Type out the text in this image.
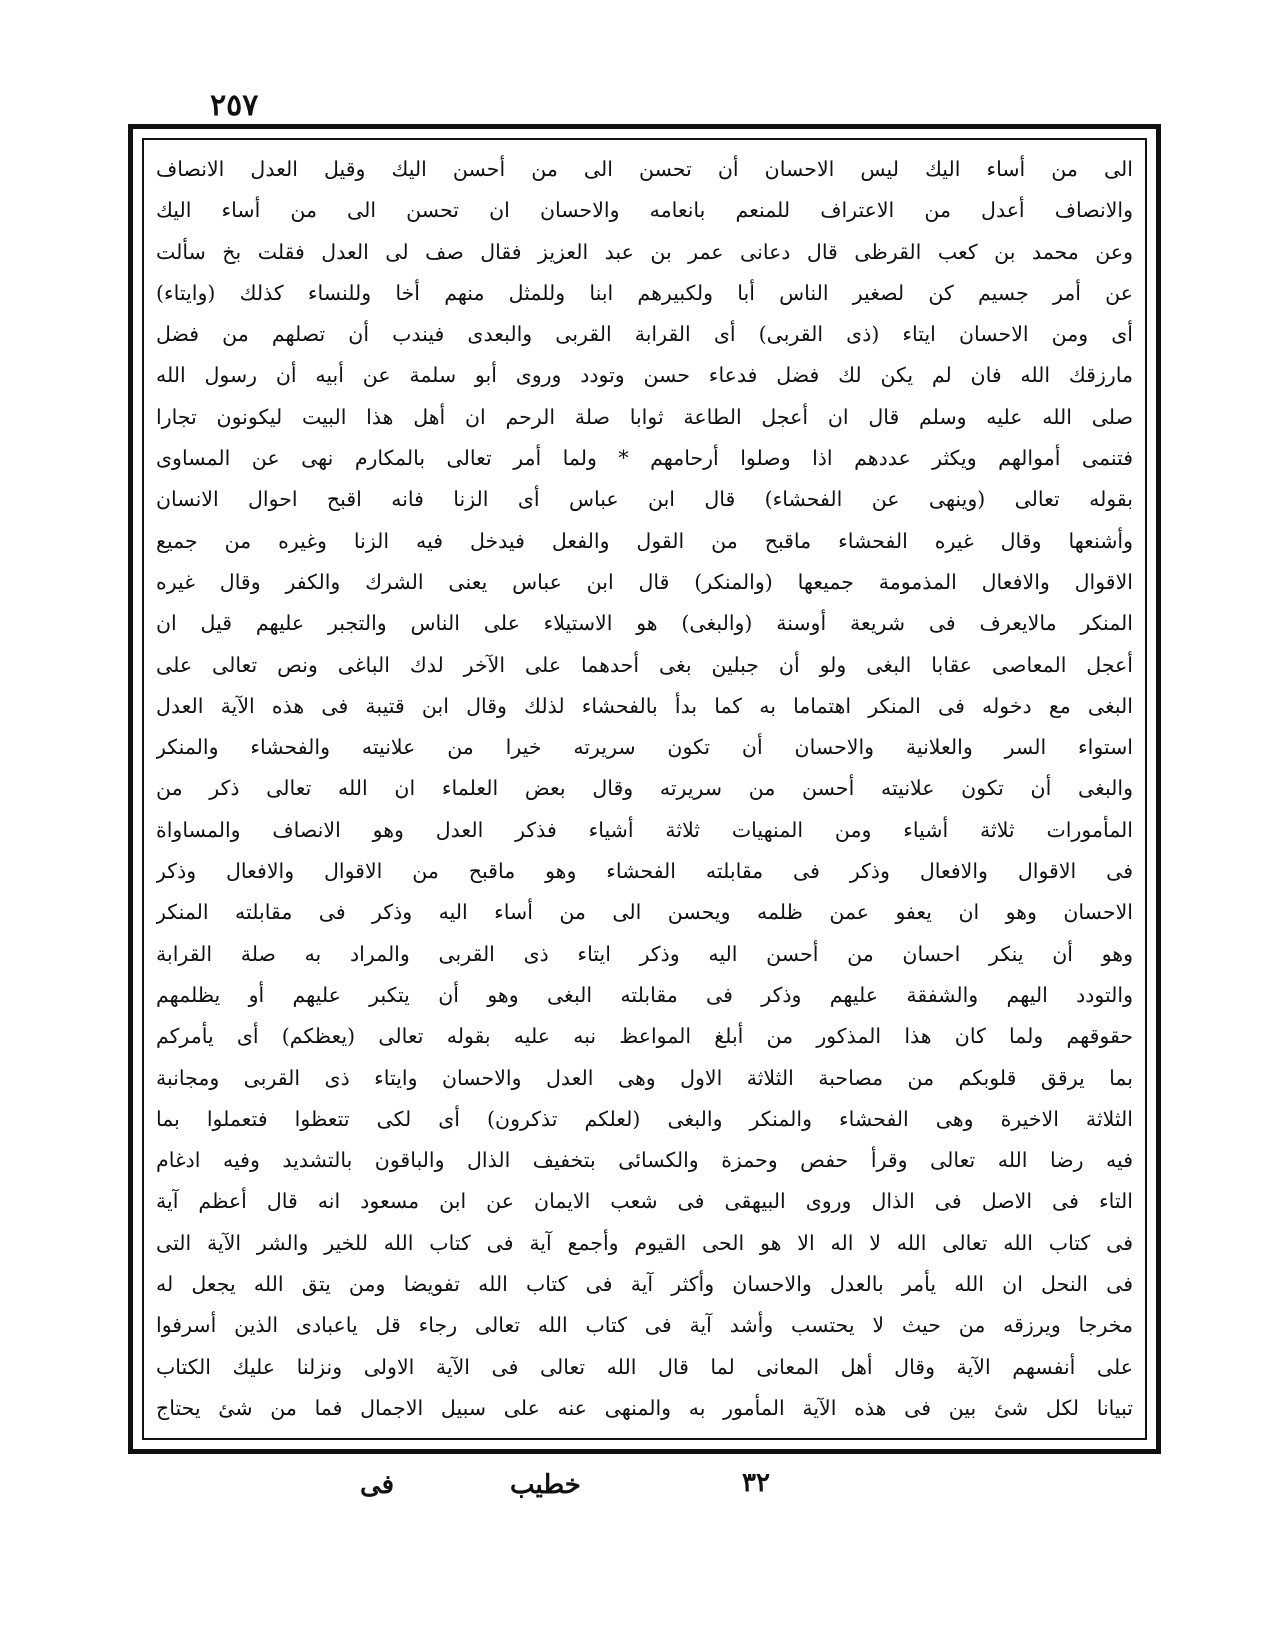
٢٥٧
الى من أساء اليك ليس الاحسان أن تحسن الى من أحسن اليك وقيل العدل الانصاف
والانصاف أعدل من الاعتراف للمنعم بانعامه والاحسان ان تحسن الى من أساء اليك
وعن محمد بن كعب القرظى قال دعانى عمر بن عبد العزيز فقال صف لى العدل فقلت بخ سألت
عن أمر جسيم كن لصغير الناس أبا ولكبيرهم ابنا وللمثل منهم أخا وللنساء كذلك (وايتاء)
أى ومن الاحسان ايتاء (ذى القربى) أى القرابة القربى والبعدى فيندب أن تصلهم من فضل
مارزقك الله فان لم يكن لك فضل فدعاء حسن وتودد وروى أبو سلمة عن أبيه أن رسول الله
صلى الله عليه وسلم قال ان أعجل الطاعة ثوابا صلة الرحم ان أهل هذا البيت ليكونون تجارا
فتنمى أموالهم ويكثر عددهم اذا وصلوا أرحامهم * ولما أمر تعالى بالمكارم نهى عن المساوى
بقوله تعالى (وينهى عن الفحشاء) قال ابن عباس أى الزنا فانه اقبح احوال الانسان
وأشنعها وقال غيره الفحشاء ماقبح من القول والفعل فيدخل فيه الزنا وغيره من جميع
الاقوال والافعال المذمومة جميعها (والمنكر) قال ابن عباس يعنى الشرك والكفر وقال غيره
المنكر مالايعرف فى شريعة أوسنة (والبغى) هو الاستيلاء على الناس والتجبر عليهم قيل ان
أعجل المعاصى عقابا البغى ولو أن جبلين بغى أحدهما على الآخر لدك الباغى ونص تعالى على
البغى مع دخوله فى المنكر اهتماما به كما بدأ بالفحشاء لذلك وقال ابن قتيبة فى هذه الآية العدل
استواء السر والعلانية والاحسان أن تكون سريرته خيرا من علانيته والفحشاء والمنكر
والبغى أن تكون علانيته أحسن من سريرته وقال بعض العلماء ان الله تعالى ذكر من
المأمورات ثلاثة أشياء ومن المنهيات ثلاثة أشياء فذكر العدل وهو الانصاف والمساواة
فى الاقوال والافعال وذكر فى مقابلته الفحشاء وهو ماقبح من الاقوال والافعال وذكر
الاحسان وهو ان يعفو عمن ظلمه ويحسن الى من أساء اليه وذكر فى مقابلته المنكر
وهو أن ينكر احسان من أحسن اليه وذكر ايتاء ذى القربى والمراد به صلة القرابة
والتودد اليهم والشفقة عليهم وذكر فى مقابلته البغى وهو أن يتكبر عليهم أو يظلمهم
حقوقهم ولما كان هذا المذكور من أبلغ المواعظ نبه عليه بقوله تعالى (يعظكم) أى يأمركم
بما يرقق قلوبكم من مصاحبة الثلاثة الاول وهى العدل والاحسان وايتاء ذى القربى ومجانبة
الثلاثة الاخيرة وهى الفحشاء والمنكر والبغى (لعلكم تذكرون) أى لكى تتعظوا فتعملوا بما
فيه رضا الله تعالى وقرأ حفص وحمزة والكسائى بتخفيف الذال والباقون بالتشديد وفيه ادغام
التاء فى الاصل فى الذال وروى البيهقى فى شعب الايمان عن ابن مسعود انه قال أعظم آية
فى كتاب الله تعالى الله لا اله الا هو الحى القيوم وأجمع آية فى كتاب الله للخير والشر الآية التى
فى النحل ان الله يأمر بالعدل والاحسان وأكثر آية فى كتاب الله تفويضا ومن يتق الله يجعل له
مخرجا ويرزقه من حيث لا يحتسب وأشد آية فى كتاب الله تعالى رجاء قل ياعبادى الذين أسرفوا
على أنفسهم الآية وقال أهل المعانى لما قال الله تعالى فى الآية الاولى ونزلنا عليك الكتاب
تبيانا لكل شئ بين فى هذه الآية المأمور به والمنهى عنه على سبيل الاجمال فما من شئ يحتاج
فى	خطيب	٣٢
